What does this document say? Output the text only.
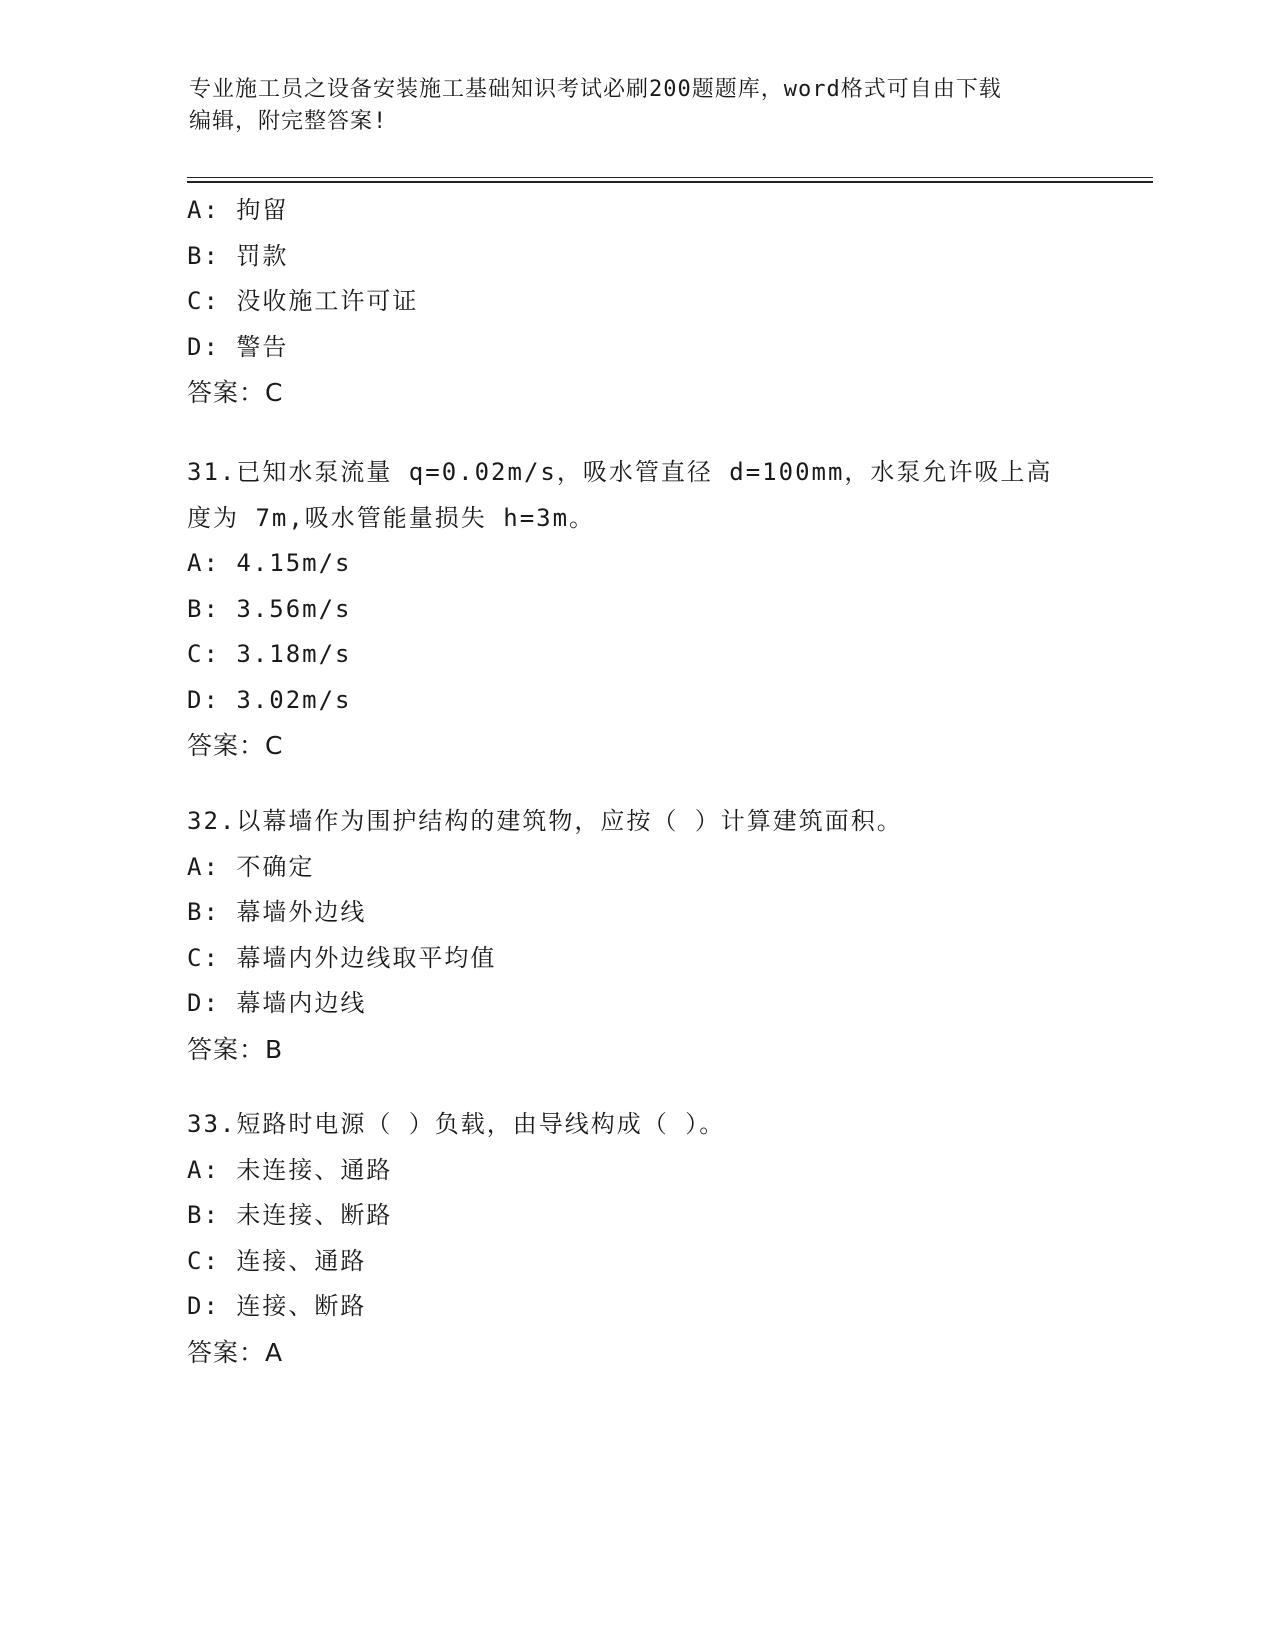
专业施工员之设备安装施工基础知识考试必刷200题题库，word格式可自由下载
编辑，附完整答案!
A: 拘留
B: 罚款
C: 没收施工许可证
D: 警告
答案：C
31.已知水泵流量 q=0.02m/s，吸水管直径 d=100mm，水泵允许吸上高
度为 7m,吸水管能量损失 h=3m。
A: 4.15m/s
B: 3.56m/s
C: 3.18m/s
D: 3.02m/s
答案：C
32.以幕墙作为围护结构的建筑物，应按（ ）计算建筑面积。
A: 不确定
B: 幕墙外边线
C: 幕墙内外边线取平均值
D: 幕墙内边线
答案：B
33.短路时电源（ ）负载，由导线构成（ ）。
A: 未连接、通路
B: 未连接、断路
C: 连接、通路
D: 连接、断路
答案：A
